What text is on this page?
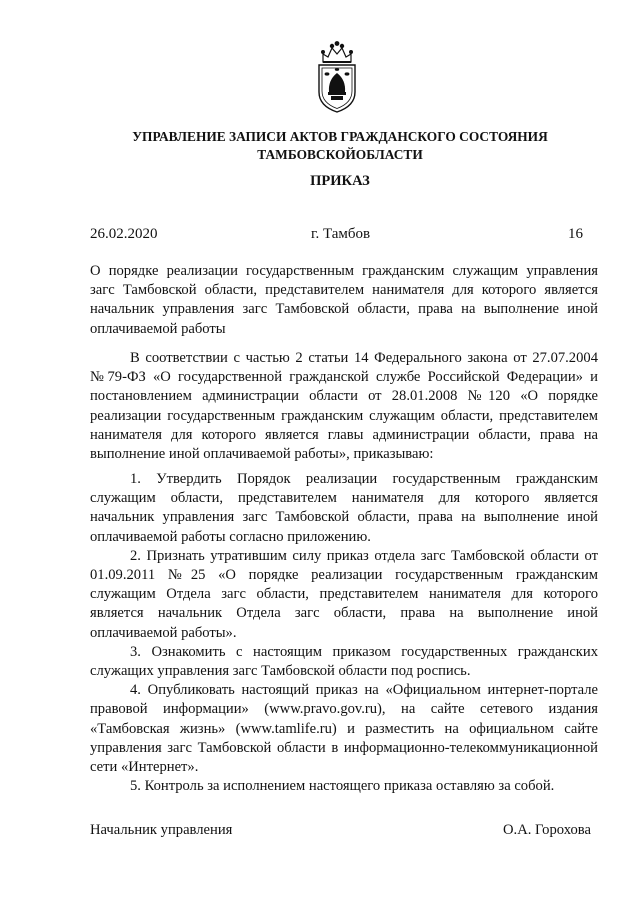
УПРАВЛЕНИЕ ЗАПИСИ АКТОВ ГРАЖДАНСКОГО СОСТОЯНИЯ
ТАМБОВСКОЙОБЛАСТИ
ПРИКАЗ
26.02.2020	г. Тамбов	16

О порядке реализации государственным гражданским служащим управления загс Тамбовской области, представителем нанимателя для которого является начальник управления загс Тамбовской области, права на выполнение иной оплачиваемой работы

В соответствии с частью 2 статьи 14 Федерального закона от 27.07.2004 №79-ФЗ «О государственной гражданской службе Российской Федерации» и постановлением администрации области от 28.01.2008 №120 «О порядке реализации государственным гражданским служащим области, представителем нанимателя для которого является главы администрации области, права на выполнение иной оплачиваемой работы», приказываю:

1. Утвердить Порядок реализации государственным гражданским служащим области, представителем нанимателя для которого является начальник управления загс Тамбовской области, права на выполнение иной оплачиваемой работы согласно приложению.

2. Признать утратившим силу приказ отдела загс Тамбовской области от 01.09.2011 №25 «О порядке реализации государственным гражданским служащим Отдела загс области, представителем нанимателя для которого является начальник Отдела загс области, права на выполнение иной оплачиваемой работы».

3. Ознакомить с настоящим приказом государственных гражданских служащих управления загс Тамбовской области под роспись.

4. Опубликовать настоящий приказ на «Официальном интернет-портале правовой информации» (www.pravo.gov.ru), на сайте сетевого издания «Тамбовская жизнь» (www.tamlife.ru) и разместить на официальном сайте управления загс Тамбовской области в информационно-телекоммуникационной сети «Интернет».

5. Контроль за исполнением настоящего приказа оставляю за собой.

Начальник управления	О.А. Горохова
